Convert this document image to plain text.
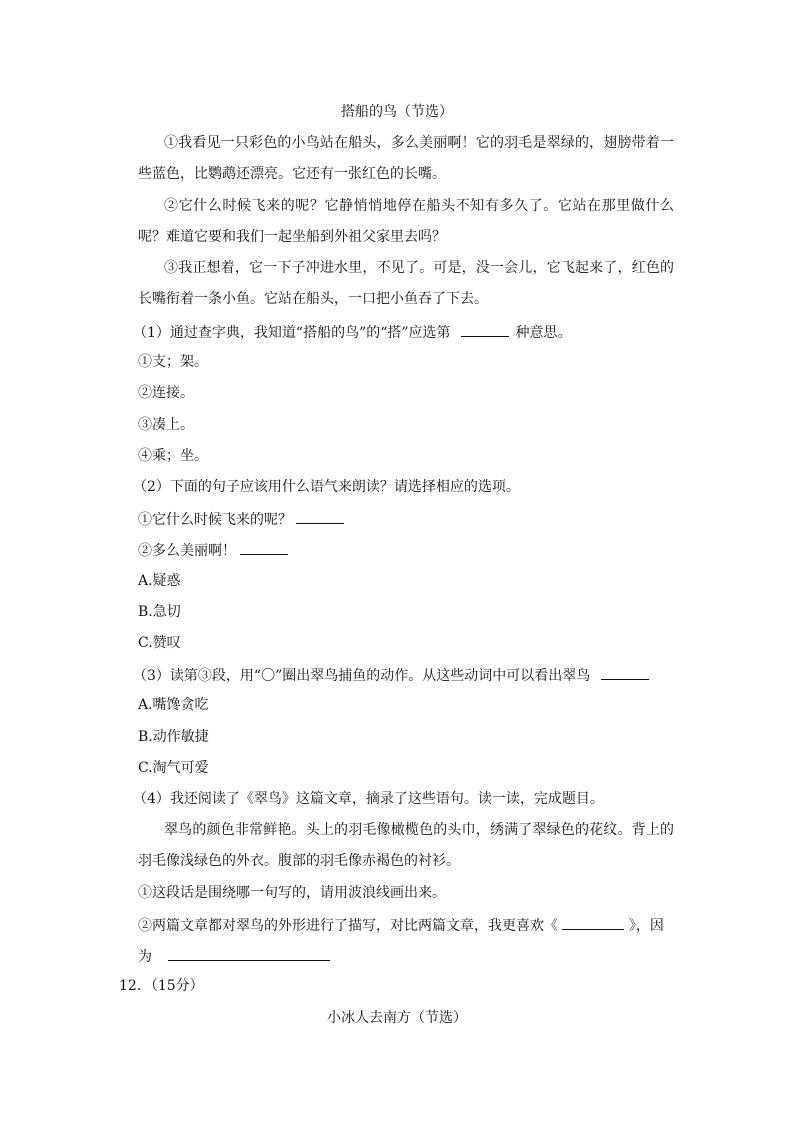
搭船的鸟（节选）
①我看见一只彩色的小鸟站在船头，多么美丽啊！它的羽毛是翠绿的，翅膀带着一
些蓝色，比鹦鹉还漂亮。它还有一张红色的长嘴。
②它什么时候飞来的呢？它静悄悄地停在船头不知有多久了。它站在那里做什么
呢？难道它要和我们一起坐船到外祖父家里去吗？
③我正想着，它一下子冲进水里，不见了。可是，没一会儿，它飞起来了，红色的
长嘴衔着一条小鱼。它站在船头，一口把小鱼吞了下去。
（1）通过查字典，我知道“搭船的鸟”的“搭”应选第	种意思。
①支；架。
②连接。
③凑上。
④乘；坐。
（2）下面的句子应该用什么语气来朗读？请选择相应的选项。
①它什么时候飞来的呢？
②多么美丽啊！
A.疑惑
B.急切
C.赞叹
（3）读第③段，用“〇”圈出翠鸟捕鱼的动作。从这些动词中可以看出翠鸟
A.嘴馋贪吃
B.动作敏捷
C.淘气可爱
（4）我还阅读了《翠鸟》这篇文章，摘录了这些语句。读一读，完成题目。
翠鸟的颜色非常鲜艳。头上的羽毛像橄榄色的头巾，绣满了翠绿色的花纹。背上的
羽毛像浅绿色的外衣。腹部的羽毛像赤褐色的衬衫。
①这段话是围绕哪一句写的，请用波浪线画出来。
②两篇文章都对翠鸟的外形进行了描写，对比两篇文章，我更喜欢《	》，因
为
12．（15分）
小冰人去南方（节选）
